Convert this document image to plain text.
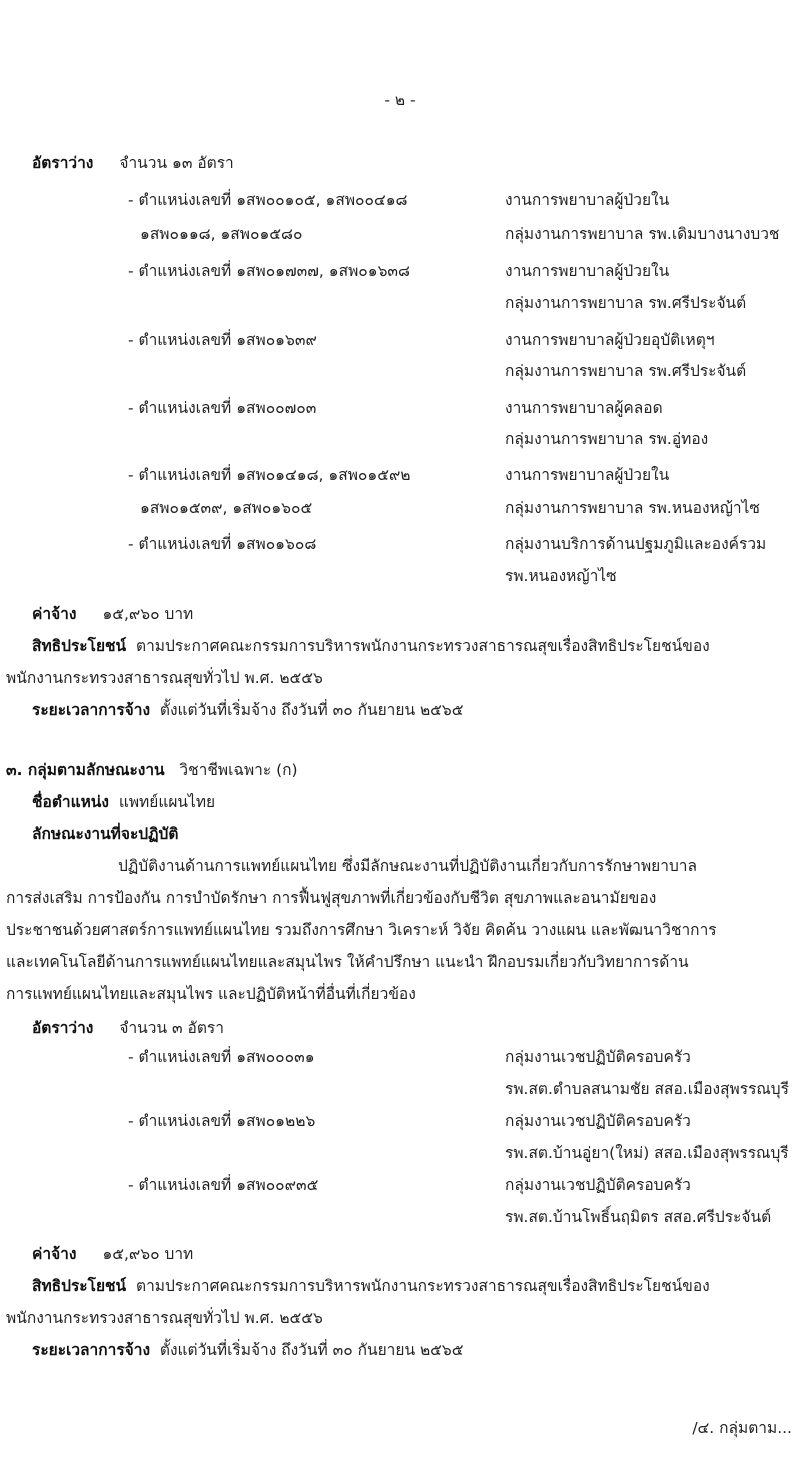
- ๒ -
อัตราว่าง จำนวน ๑๓ อัตรา
- ตำแหน่งเลขที่ ๑สพ๐๐๑๐๕, ๑สพ๐๐๔๑๘	งานการพยาบาลผู้ป่วยใน
๑สพ๐๑๑๘, ๑สพ๐๑๕๘๐	กลุ่มงานการพยาบาล รพ.เดิมบางนางบวช
- ตำแหน่งเลขที่ ๑สพ๐๑๗๓๗, ๑สพ๐๑๖๓๘	งานการพยาบาลผู้ป่วยใน
กลุ่มงานการพยาบาล รพ.ศรีประจันต์
- ตำแหน่งเลขที่ ๑สพ๐๑๖๓๙	งานการพยาบาลผู้ป่วยอุบัติเหตุฯ
กลุ่มงานการพยาบาล รพ.ศรีประจันต์
- ตำแหน่งเลขที่ ๑สพ๐๐๗๐๓	งานการพยาบาลผู้คลอด
กลุ่มงานการพยาบาล รพ.อู่ทอง
- ตำแหน่งเลขที่ ๑สพ๐๑๔๑๘, ๑สพ๐๑๕๙๒	งานการพยาบาลผู้ป่วยใน
๑สพ๐๑๕๓๙, ๑สพ๐๑๖๐๕	กลุ่มงานการพยาบาล รพ.หนองหญ้าไซ
- ตำแหน่งเลขที่ ๑สพ๐๑๖๐๘	กลุ่มงานบริการด้านปฐมภูมิและองค์รวม
รพ.หนองหญ้าไซ
ค่าจ้าง ๑๕,๙๖๐ บาท
สิทธิประโยชน์ ตามประกาศคณะกรรมการบริหารพนักงานกระทรวงสาธารณสุขเรื่องสิทธิประโยชน์ของ
พนักงานกระทรวงสาธารณสุขทั่วไป พ.ศ. ๒๕๕๖
ระยะเวลาการจ้าง ตั้งแต่วันที่เริ่มจ้าง ถึงวันที่ ๓๐ กันยายน ๒๕๖๕
๓. กลุ่มตามลักษณะงาน วิชาชีพเฉพาะ (ก)
ชื่อตำแหน่ง แพทย์แผนไทย
ลักษณะงานที่จะปฏิบัติ
ปฏิบัติงานด้านการแพทย์แผนไทย ซึ่งมีลักษณะงานที่ปฏิบัติงานเกี่ยวกับการรักษาพยาบาล
การส่งเสริม การป้องกัน การบำบัดรักษา การฟื้นฟูสุขภาพที่เกี่ยวข้องกับชีวิต สุขภาพและอนามัยของ
ประชาชนด้วยศาสตร์การแพทย์แผนไทย รวมถึงการศึกษา วิเคราะห์ วิจัย คิดค้น วางแผน และพัฒนาวิชาการ
และเทคโนโลยีด้านการแพทย์แผนไทยและสมุนไพร ให้คำปรึกษา แนะนำ ฝึกอบรมเกี่ยวกับวิทยาการด้าน
การแพทย์แผนไทยและสมุนไพร และปฏิบัติหน้าที่อื่นที่เกี่ยวข้อง
อัตราว่าง จำนวน ๓ อัตรา
- ตำแหน่งเลขที่ ๑สพ๐๐๐๓๑	กลุ่มงานเวชปฏิบัติครอบครัว
รพ.สต.ตำบลสนามชัย สสอ.เมืองสุพรรณบุรี
- ตำแหน่งเลขที่ ๑สพ๐๑๒๒๖	กลุ่มงานเวชปฏิบัติครอบครัว
รพ.สต.บ้านอู่ยา(ใหม่) สสอ.เมืองสุพรรณบุรี
- ตำแหน่งเลขที่ ๑สพ๐๐๙๓๕	กลุ่มงานเวชปฏิบัติครอบครัว
รพ.สต.บ้านโพธิ์นฤมิตร สสอ.ศรีประจันต์
ค่าจ้าง ๑๕,๙๖๐ บาท
สิทธิประโยชน์ ตามประกาศคณะกรรมการบริหารพนักงานกระทรวงสาธารณสุขเรื่องสิทธิประโยชน์ของ
พนักงานกระทรวงสาธารณสุขทั่วไป พ.ศ. ๒๕๕๖
ระยะเวลาการจ้าง ตั้งแต่วันที่เริ่มจ้าง ถึงวันที่ ๓๐ กันยายน ๒๕๖๕
/๔. กลุ่มตาม...
